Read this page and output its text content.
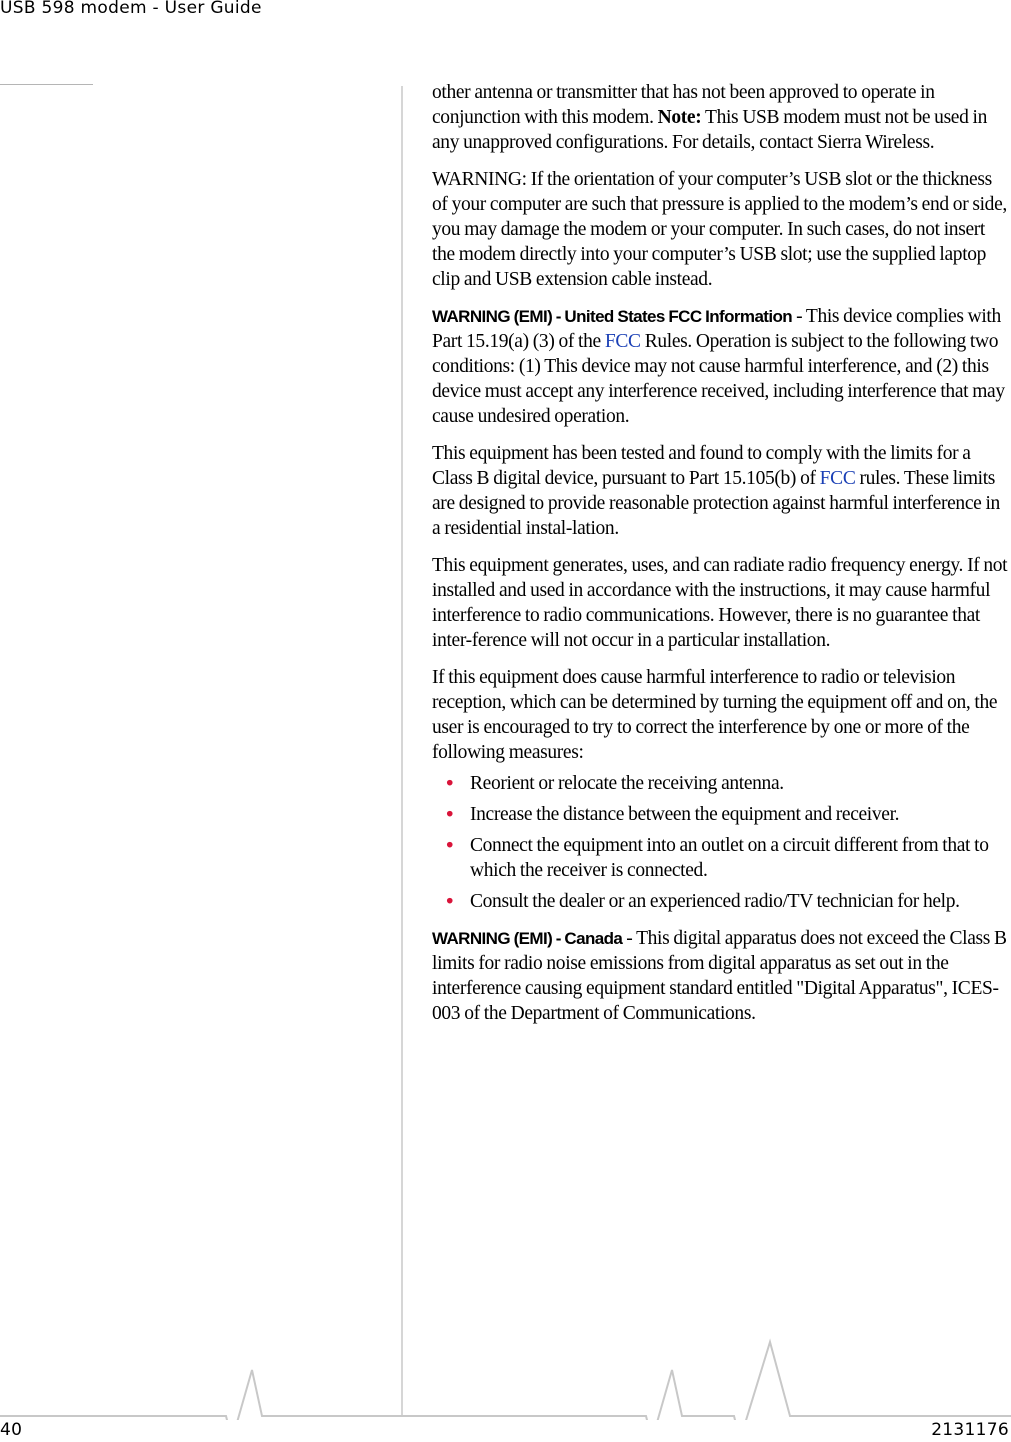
USB 598 modem - User Guide

other antenna or transmitter that has not been approved to operate in conjunction with this modem. Note: This USB modem must not be used in any unapproved configurations. For details, contact Sierra Wireless.

WARNING: If the orientation of your computer’s USB slot or the thickness of your computer are such that pressure is applied to the modem’s end or side, you may damage the modem or your computer. In such cases, do not insert the modem directly into your computer’s USB slot; use the supplied laptop clip and USB extension cable instead.

WARNING (EMI) - United States FCC Information - This device complies with Part 15.19(a) (3) of the FCC Rules. Operation is subject to the following two conditions: (1) This device may not cause harmful interference, and (2) this device must accept any interference received, including interference that may cause undesired operation.

This equipment has been tested and found to comply with the limits for a Class B digital device, pursuant to Part 15.105(b) of FCC rules. These limits are designed to provide reasonable protection against harmful interference in a residential instal-lation.

This equipment generates, uses, and can radiate radio frequency energy. If not installed and used in accordance with the instructions, it may cause harmful interference to radio communications. However, there is no guarantee that inter-ference will not occur in a particular installation.

If this equipment does cause harmful interference to radio or television reception, which can be determined by turning the equipment off and on, the user is encouraged to try to correct the interference by one or more of the following measures:

• Reorient or relocate the receiving antenna.
• Increase the distance between the equipment and receiver.
• Connect the equipment into an outlet on a circuit different from that to which the receiver is connected.
• Consult the dealer or an experienced radio/TV technician for help.

WARNING (EMI) - Canada - This digital apparatus does not exceed the Class B limits for radio noise emissions from digital apparatus as set out in the interference causing equipment standard entitled "Digital Apparatus", ICES-003 of the Department of Communications.

40	2131176
